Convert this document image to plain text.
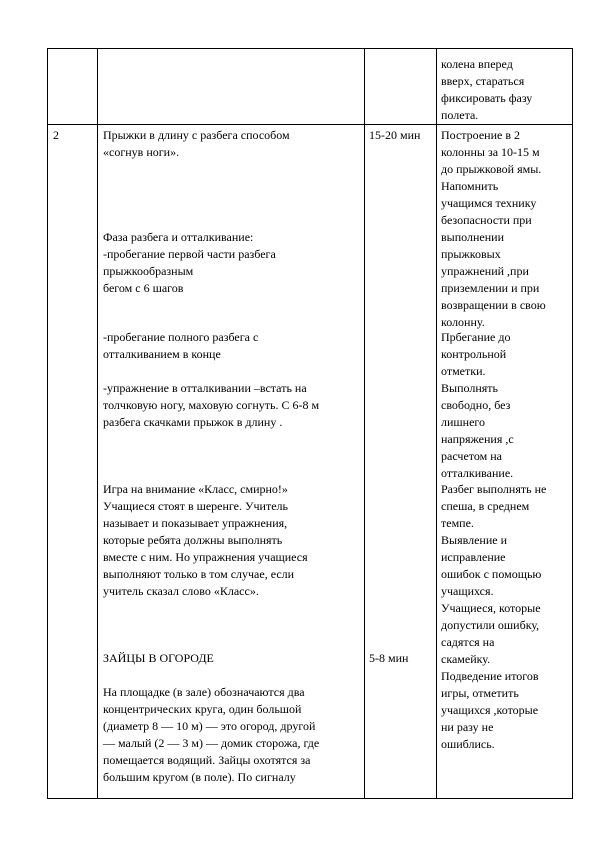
колена вперед
вверх, стараться
фиксировать фазу
полета.
2	Прыжки в длину с разбега способом
«согнув ноги».
Фаза разбега и отталкивание:
-пробегание первой части разбега
прыжкообразным
бегом с 6 шагов
-пробегание полного разбега с
отталкиванием в конце
-упражнение в отталкивании –встать на
толчковую ногу, маховую согнуть. С 6-8 м
разбега скачками прыжок в длину .
Игра на внимание «Класс, смирно!»
Учащиеся стоят в шеренге. Учитель
называет и показывает упражнения,
которые ребята должны выполнять
вместе с ним. Но упражнения учащиеся
выполняют только в том случае, если
учитель сказал слово «Класс».
ЗАЙЦЫ В ОГОРОДЕ
На площадке (в зале) обозначаются два
концентрических круга, один большой
(диаметр 8 — 10 м) — это огород, другой
— малый (2 — 3 м) — домик сторожа, где
помещается водящий. Зайцы охотятся за
большим кругом (в поле). По сигналу
15-20 мин
5-8 мин
Построение в 2
колонны за 10-15 м
до прыжковой ямы.
Напомнить
учащимся технику
безопасности при
выполнении
прыжковых
упражнений ,при
приземлении и при
возвращении в свою
колонну.
Прбегание до
контрольной
отметки.
Выполнять
свободно, без
лишнего
напряжения ,с
расчетом на
отталкивание.
Разбег выполнять не
спеша, в среднем
темпе.
Выявление и
исправление
ошибок с помощью
учащихся.
Учащиеся, которые
допустили ошибку,
садятся на
скамейку.
Подведение итогов
игры, отметить
учащихся ,которые
ни разу не
ошиблись.
